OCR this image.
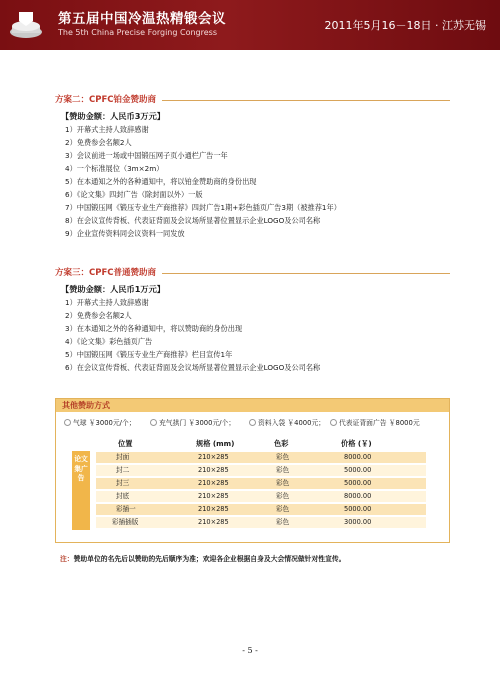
第五届中国冷温热精锻会议
The 5th China Precise Forging Congress
2011年5月16－18日 · 江苏无锡
方案二：CPFC铂金赞助商
【赞助金额：人民币3万元】
1）开幕式主持人致辞感谢
2）免费参会名额2人
3）会议前进一场或中国锻压网子页小通栏广告一年
4）一个标准展位（3m×2m）
5）在本通知之外的各种通知中，将以铂金赞助商的身份出现
6）《论文集》四封广告（除封面以外）一版
7）中国锻压网《锻压专业生产商推荐》四封广告1期+彩色插页广告3期（被推荐1年）
8）在会议宣传背板、代表证背面及会议场所显著位置显示企业LOGO及公司名称
9）企业宣传资料同会议资料一同发放
方案三：CPFC普通赞助商
【赞助金额：人民币1万元】
1）开幕式主持人致辞感谢
2）免费参会名额2人
3）在本通知之外的各种通知中，将以赞助商的身份出现
4）《论文集》彩色插页广告
5）中国锻压网《锻压专业生产商推荐》栏目宣传1年
6）在会议宣传背板、代表证背面及会议场所显著位置显示企业LOGO及公司名称
其他赞助方式
气球 ￥3000元/个；	充气拱门 ￥3000元/个；	资料入袋 ￥4000元；	代表证背面广告 ￥8000元
位置	规格 (mm)	色彩	价格 (￥)
论文集广告
封面	210×285	彩色	8000.00
封二	210×285	彩色	5000.00
封三	210×285	彩色	5000.00
封底	210×285	彩色	8000.00
彩插一	210×285	彩色	5000.00
彩插插版	210×285	彩色	3000.00
注：赞助单位的名先后以赞助的先后顺序为准；欢迎各企业根据自身及大会情况做针对性宣传。
- 5 -
